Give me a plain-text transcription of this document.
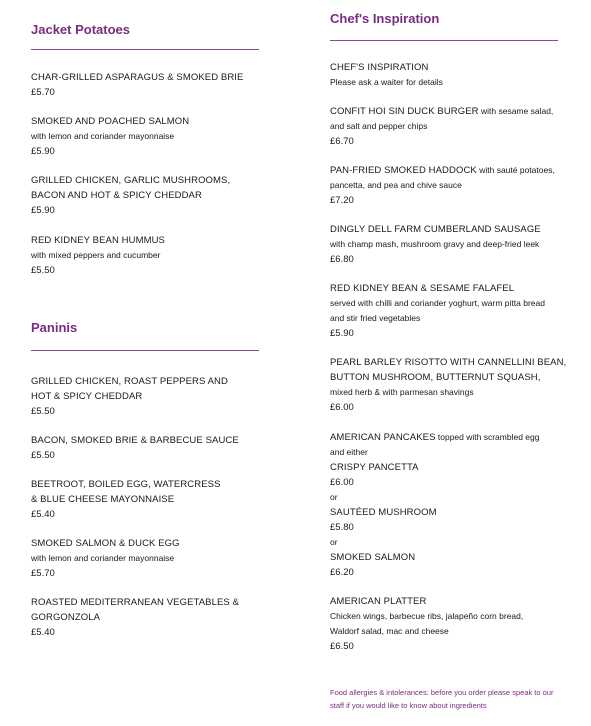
Jacket Potatoes
CHAR-GRILLED ASPARAGUS & SMOKED BRIE
£5.70
SMOKED AND POACHED SALMON
with lemon and coriander mayonnaise
£5.90
GRILLED CHICKEN, GARLIC MUSHROOMS,
BACON AND HOT & SPICY CHEDDAR
£5.90
RED KIDNEY BEAN HUMMUS
with mixed peppers and cucumber
£5.50
Paninis
GRILLED CHICKEN, ROAST PEPPERS AND
HOT & SPICY CHEDDAR
£5.50
BACON, SMOKED BRIE & BARBECUE SAUCE
£5.50
BEETROOT, BOILED EGG, WATERCRESS
& BLUE CHEESE MAYONNAISE
£5.40
SMOKED SALMON & DUCK EGG
with lemon and coriander mayonnaise
£5.70
ROASTED MEDITERRANEAN VEGETABLES &
GORGONZOLA
£5.40
Chef's Inspiration
CHEF'S INSPIRATION
Please ask a waiter for details
CONFIT HOI SIN DUCK BURGER with sesame salad,
and salt and pepper chips
£6.70
PAN-FRIED SMOKED HADDOCK with sauté potatoes,
pancetta, and pea and chive sauce
£7.20
DINGLY DELL FARM CUMBERLAND SAUSAGE
with champ mash, mushroom gravy and deep-fried leek
£6.80
RED KIDNEY BEAN & SESAME FALAFEL
served with chilli and coriander yoghurt, warm pitta bread
and stir fried vegetables
£5.90
PEARL BARLEY RISOTTO WITH CANNELLINI BEAN,
BUTTON MUSHROOM, BUTTERNUT SQUASH,
mixed herb & with parmesan shavings
£6.00
AMERICAN PANCAKES topped with scrambled egg
and either
CRISPY PANCETTA
£6.00
or
SAUTÉED MUSHROOM
£5.80
or
SMOKED SALMON
£6.20
AMERICAN PLATTER
Chicken wings, barbecue ribs, jalapeño corn bread,
Waldorf salad, mac and cheese
£6.50
Food allergies & intolerances: before you order please speak to our
staff if you would like to know about ingredients
